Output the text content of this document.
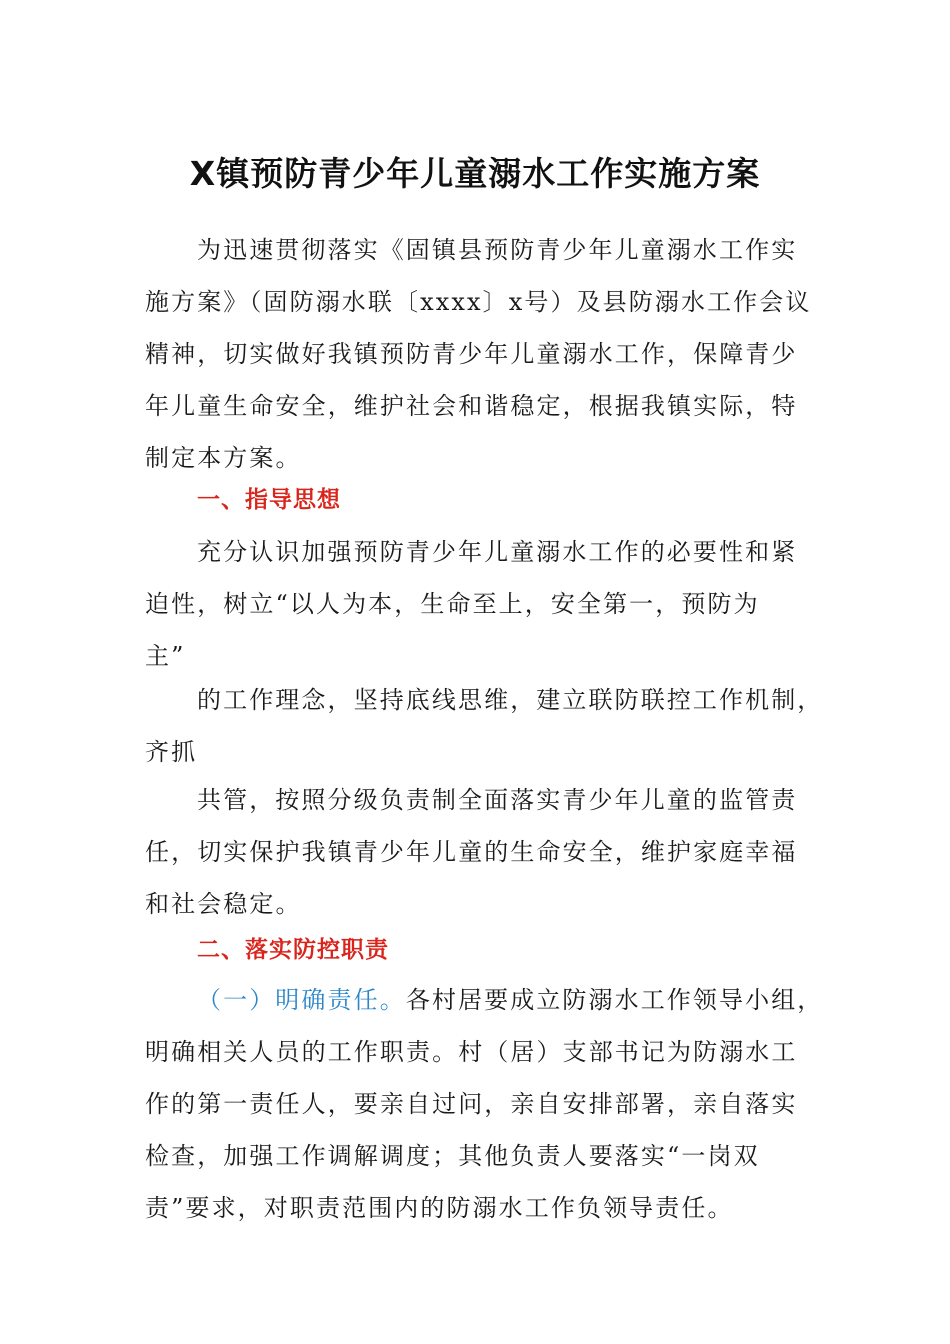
X镇预防青少年儿童溺水工作实施方案
为迅速贯彻落实《固镇县预防青少年儿童溺水工作实
施方案》（固防溺水联〔xxxx〕x号）及县防溺水工作会议
精神，切实做好我镇预防青少年儿童溺水工作，保障青少
年儿童生命安全，维护社会和谐稳定，根据我镇实际，特
制定本方案。
一、指导思想
充分认识加强预防青少年儿童溺水工作的必要性和紧
迫性，树立“以人为本，生命至上，安全第一，预防为
主”
的工作理念，坚持底线思维，建立联防联控工作机制，
齐抓
共管，按照分级负责制全面落实青少年儿童的监管责
任，切实保护我镇青少年儿童的生命安全，维护家庭幸福
和社会稳定。
二、落实防控职责
（一）明确责任。各村居要成立防溺水工作领导小组，
明确相关人员的工作职责。村（居）支部书记为防溺水工
作的第一责任人，要亲自过问，亲自安排部署，亲自落实
检查，加强工作调解调度；其他负责人要落实“一岗双
责”要求，对职责范围内的防溺水工作负领导责任。
